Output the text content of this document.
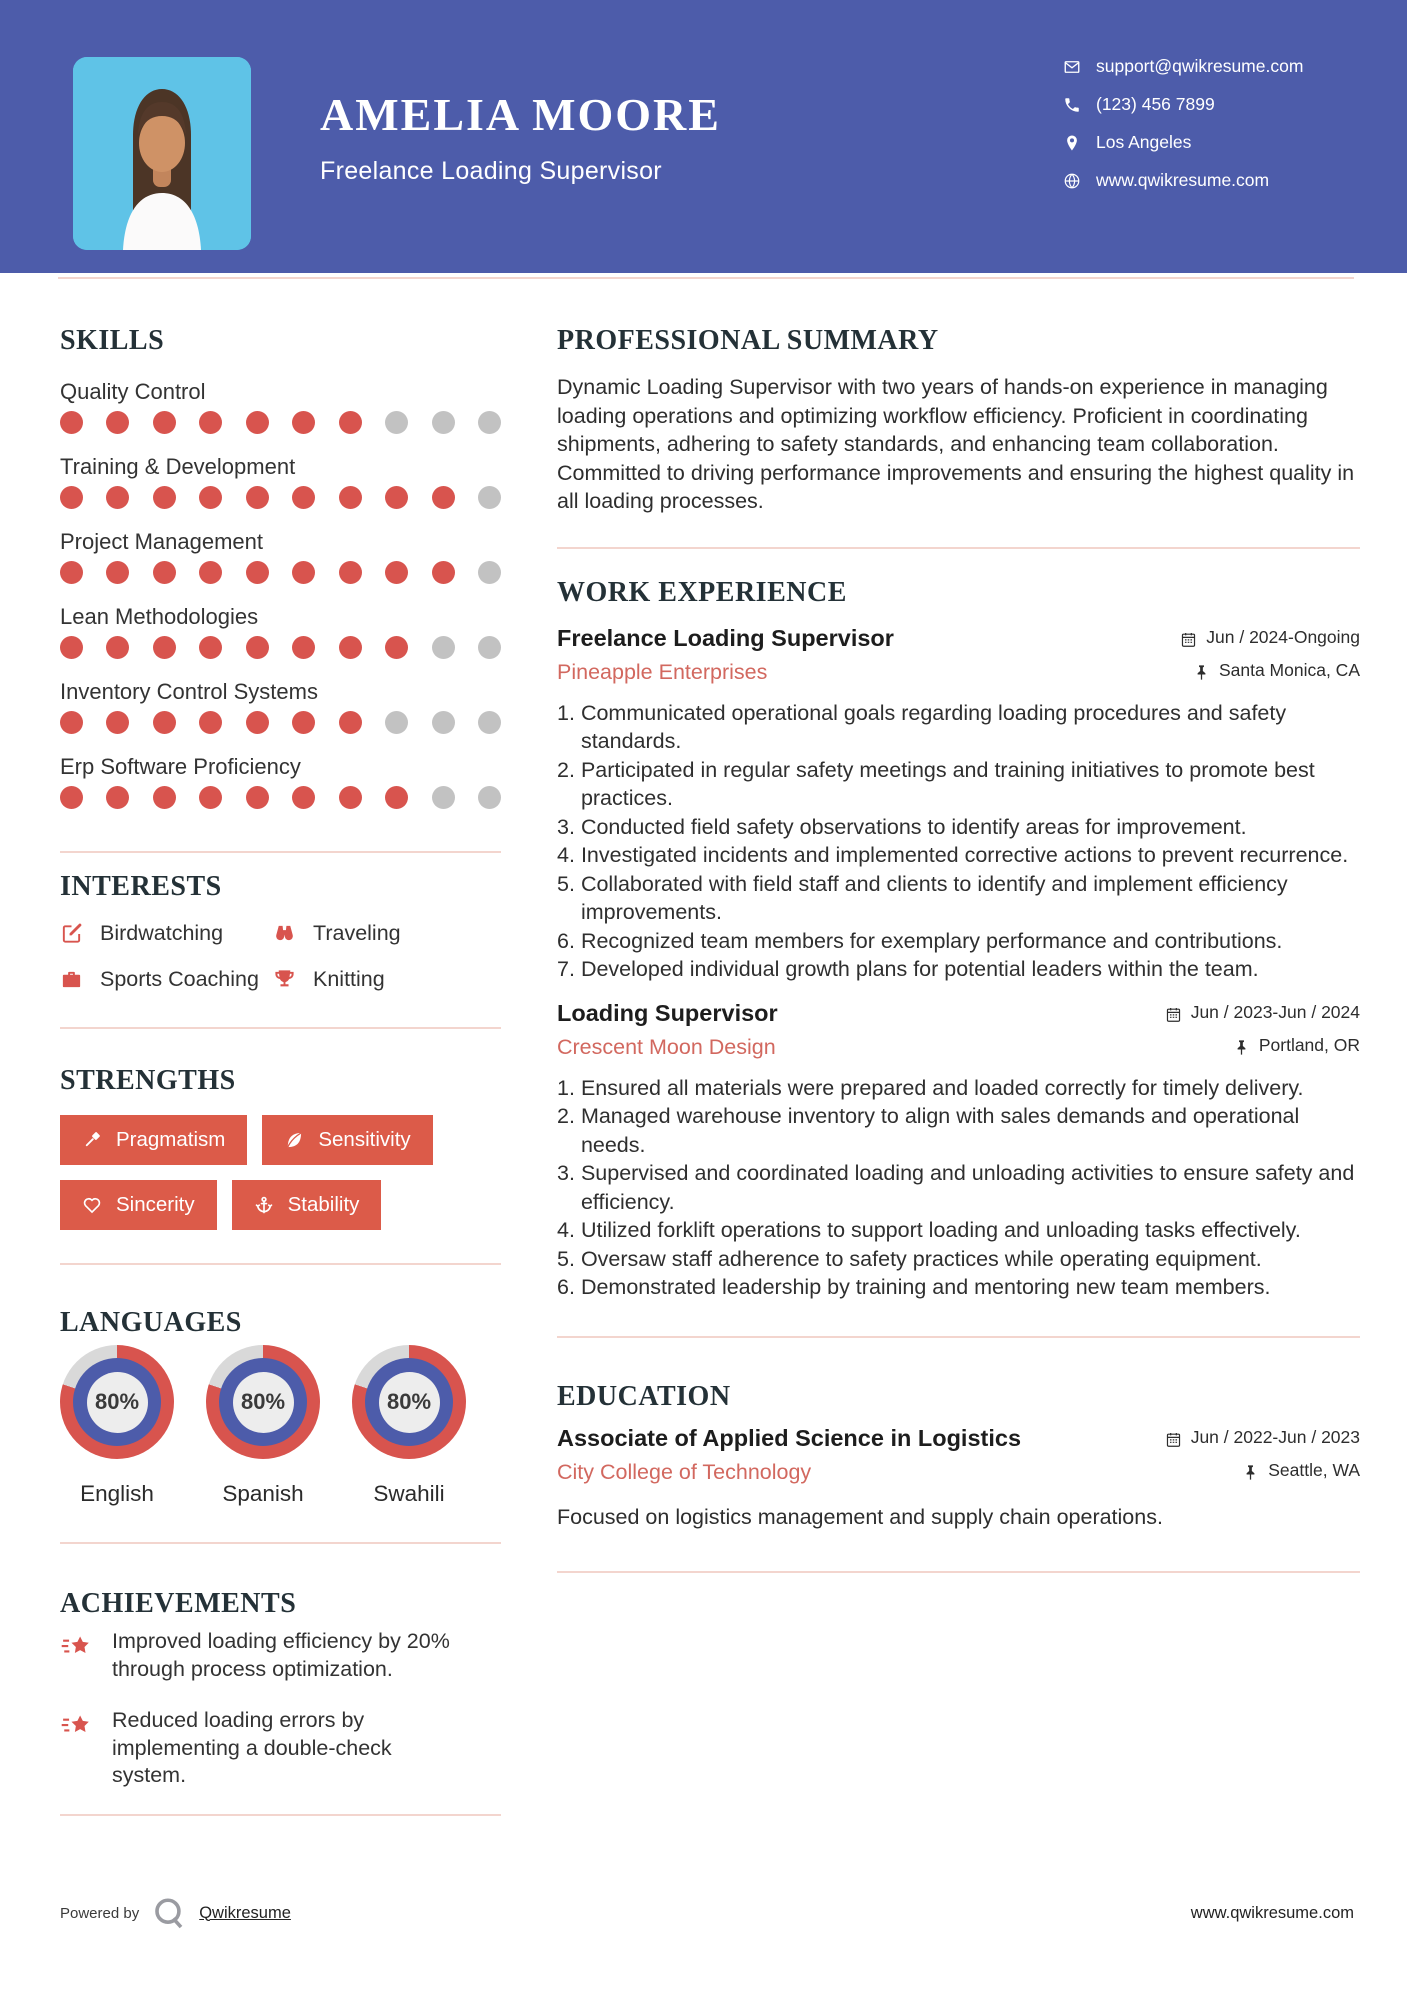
AMELIA MOORE
Freelance Loading Supervisor
support@qwikresume.com
(123) 456 7899
Los Angeles
www.qwikresume.com
SKILLS
Quality Control
Training & Development
Project Management
Lean Methodologies
Inventory Control Systems
Erp Software Proficiency
INTERESTS
Birdwatching	Traveling
Sports Coaching	Knitting
STRENGTHS
Pragmatism	Sensitivity
Sincerity	Stability
LANGUAGES
80%
English
80%
Spanish
80%
Swahili
ACHIEVEMENTS
Improved loading efficiency by 20% through process optimization.
Reduced loading errors by implementing a double-check system.
PROFESSIONAL SUMMARY

Dynamic Loading Supervisor with two years of hands-on experience in managing loading operations and optimizing workflow efficiency. Proficient in coordinating shipments, adhering to safety standards, and enhancing team collaboration. Committed to driving performance improvements and ensuring the highest quality in all loading processes.

WORK EXPERIENCE
Freelance Loading Supervisor	Jun / 2024-Ongoing
Pineapple Enterprises	Santa Monica, CA
1. Communicated operational goals regarding loading procedures and safety standards.
2. Participated in regular safety meetings and training initiatives to promote best practices.
3. Conducted field safety observations to identify areas for improvement.
4. Investigated incidents and implemented corrective actions to prevent recurrence.
5. Collaborated with field staff and clients to identify and implement efficiency improvements.
6. Recognized team members for exemplary performance and contributions.
7. Developed individual growth plans for potential leaders within the team.
Loading Supervisor	Jun / 2023-Jun / 2024
Crescent Moon Design	Portland, OR
1. Ensured all materials were prepared and loaded correctly for timely delivery.
2. Managed warehouse inventory to align with sales demands and operational needs.
3. Supervised and coordinated loading and unloading activities to ensure safety and efficiency.
4. Utilized forklift operations to support loading and unloading tasks effectively.
5. Oversaw staff adherence to safety practices while operating equipment.
6. Demonstrated leadership by training and mentoring new team members.
EDUCATION
Associate of Applied Science in Logistics	Jun / 2022-Jun / 2023
City College of Technology	Seattle, WA

Focused on logistics management and supply chain operations.

Powered by	Qwikresume	www.qwikresume.com
